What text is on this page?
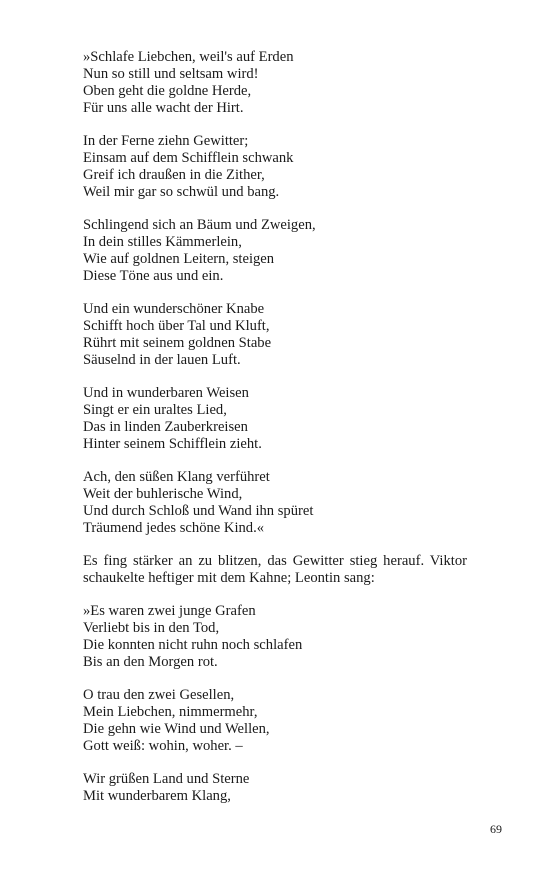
»Schlafe Liebchen, weil's auf Erden
Nun so still und seltsam wird!
Oben geht die goldne Herde,
Für uns alle wacht der Hirt.
In der Ferne ziehn Gewitter;
Einsam auf dem Schifflein schwank
Greif ich draußen in die Zither,
Weil mir gar so schwül und bang.
Schlingend sich an Bäum und Zweigen,
In dein stilles Kämmerlein,
Wie auf goldnen Leitern, steigen
Diese Töne aus und ein.
Und ein wunderschöner Knabe
Schifft hoch über Tal und Kluft,
Rührt mit seinem goldnen Stabe
Säuselnd in der lauen Luft.
Und in wunderbaren Weisen
Singt er ein uraltes Lied,
Das in linden Zauberkreisen
Hinter seinem Schifflein zieht.
Ach, den süßen Klang verführet
Weit der buhlerische Wind,
Und durch Schloß und Wand ihn spüret
Träumend jedes schöne Kind.«

Es fing stärker an zu blitzen, das Gewitter stieg herauf. Viktor schaukelte heftiger mit dem Kahne; Leontin sang:

»Es waren zwei junge Grafen
Verliebt bis in den Tod,
Die konnten nicht ruhn noch schlafen
Bis an den Morgen rot.
O trau den zwei Gesellen,
Mein Liebchen, nimmermehr,
Die gehn wie Wind und Wellen,
Gott weiß: wohin, woher. –
Wir grüßen Land und Sterne
Mit wunderbarem Klang,
69
